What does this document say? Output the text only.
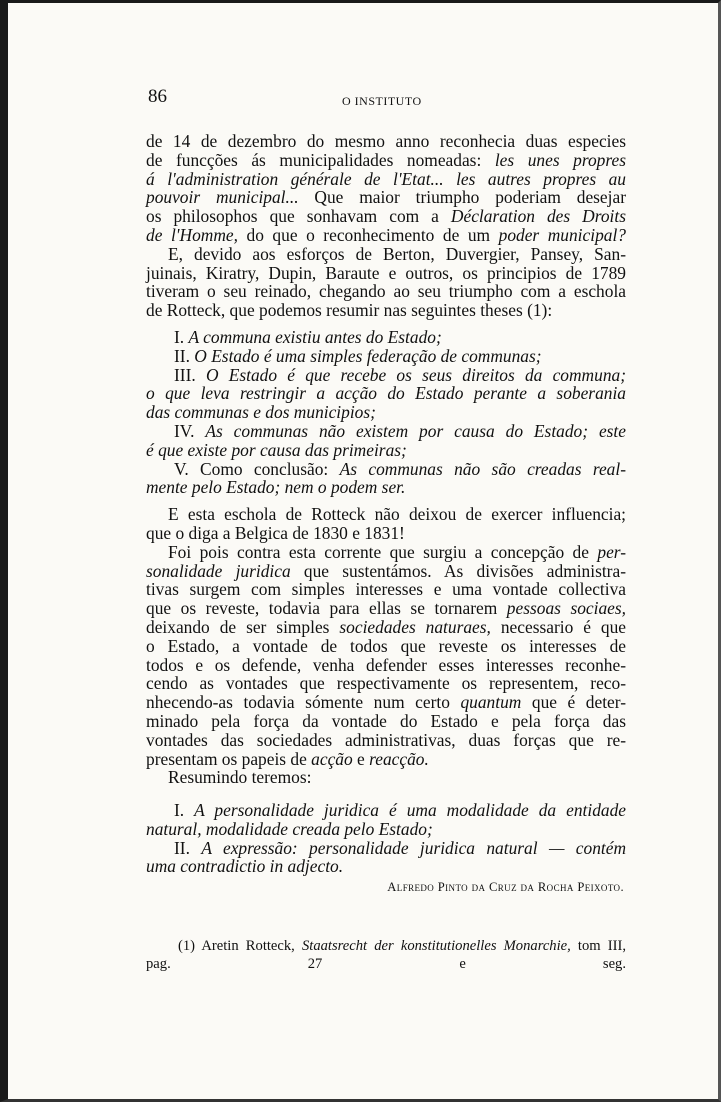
86	O INSTITUTO
de 14 de dezembro do mesmo anno reconhecia duas especies
de funcções ás municipalidades nomeadas: les unes propres
á l'administration générale de l'Etat... les autres propres au
pouvoir municipal... Que maior triumpho poderiam desejar
os philosophos que sonhavam com a Déclaration des Droits
de l'Homme, do que o reconhecimento de um poder municipal?
E, devido aos esforços de Berton, Duvergier, Pansey, San-
juinais, Kiratry, Dupin, Baraute e outros, os principios de 1789
tiveram o seu reinado, chegando ao seu triumpho com a eschola
de Rotteck, que podemos resumir nas seguintes theses (1):
I. A communa existiu antes do Estado;
II. O Estado é uma simples federação de communas;
III. O Estado é que recebe os seus direitos da communa;
o que leva restringir a acção do Estado perante a soberania
das communas e dos municipios;
IV. As communas não existem por causa do Estado; este
é que existe por causa das primeiras;
V. Como conclusão: As communas não são creadas real-
mente pelo Estado; nem o podem ser.
E esta eschola de Rotteck não deixou de exercer influencia;
que o diga a Belgica de 1830 e 1831!
Foi pois contra esta corrente que surgiu a concepção de per-
sonalidade juridica que sustentámos. As divisões administra-
tivas surgem com simples interesses e uma vontade collectiva
que os reveste, todavia para ellas se tornarem pessoas sociaes,
deixando de ser simples sociedades naturaes, necessario é que
o Estado, a vontade de todos que reveste os interesses de
todos e os defende, venha defender esses interesses reconhe-
cendo as vontades que respectivamente os representem, reco-
nhecendo-as todavia sómente num certo quantum que é deter-
minado pela força da vontade do Estado e pela força das
vontades das sociedades administrativas, duas forças que re-
presentam os papeis de acção e reacção.
Resumindo teremos:
I. A personalidade juridica é uma modalidade da entidade
natural, modalidade creada pelo Estado;
II. A expressão: personalidade juridica natural — contém
uma contradictio in adjecto.
Alfredo Pinto da Cruz da Rocha Peixoto.
(1) Aretin Rotteck, Staatsrecht der konstitutionelles Monarchie, tom III,
pag. 27 e seg.
